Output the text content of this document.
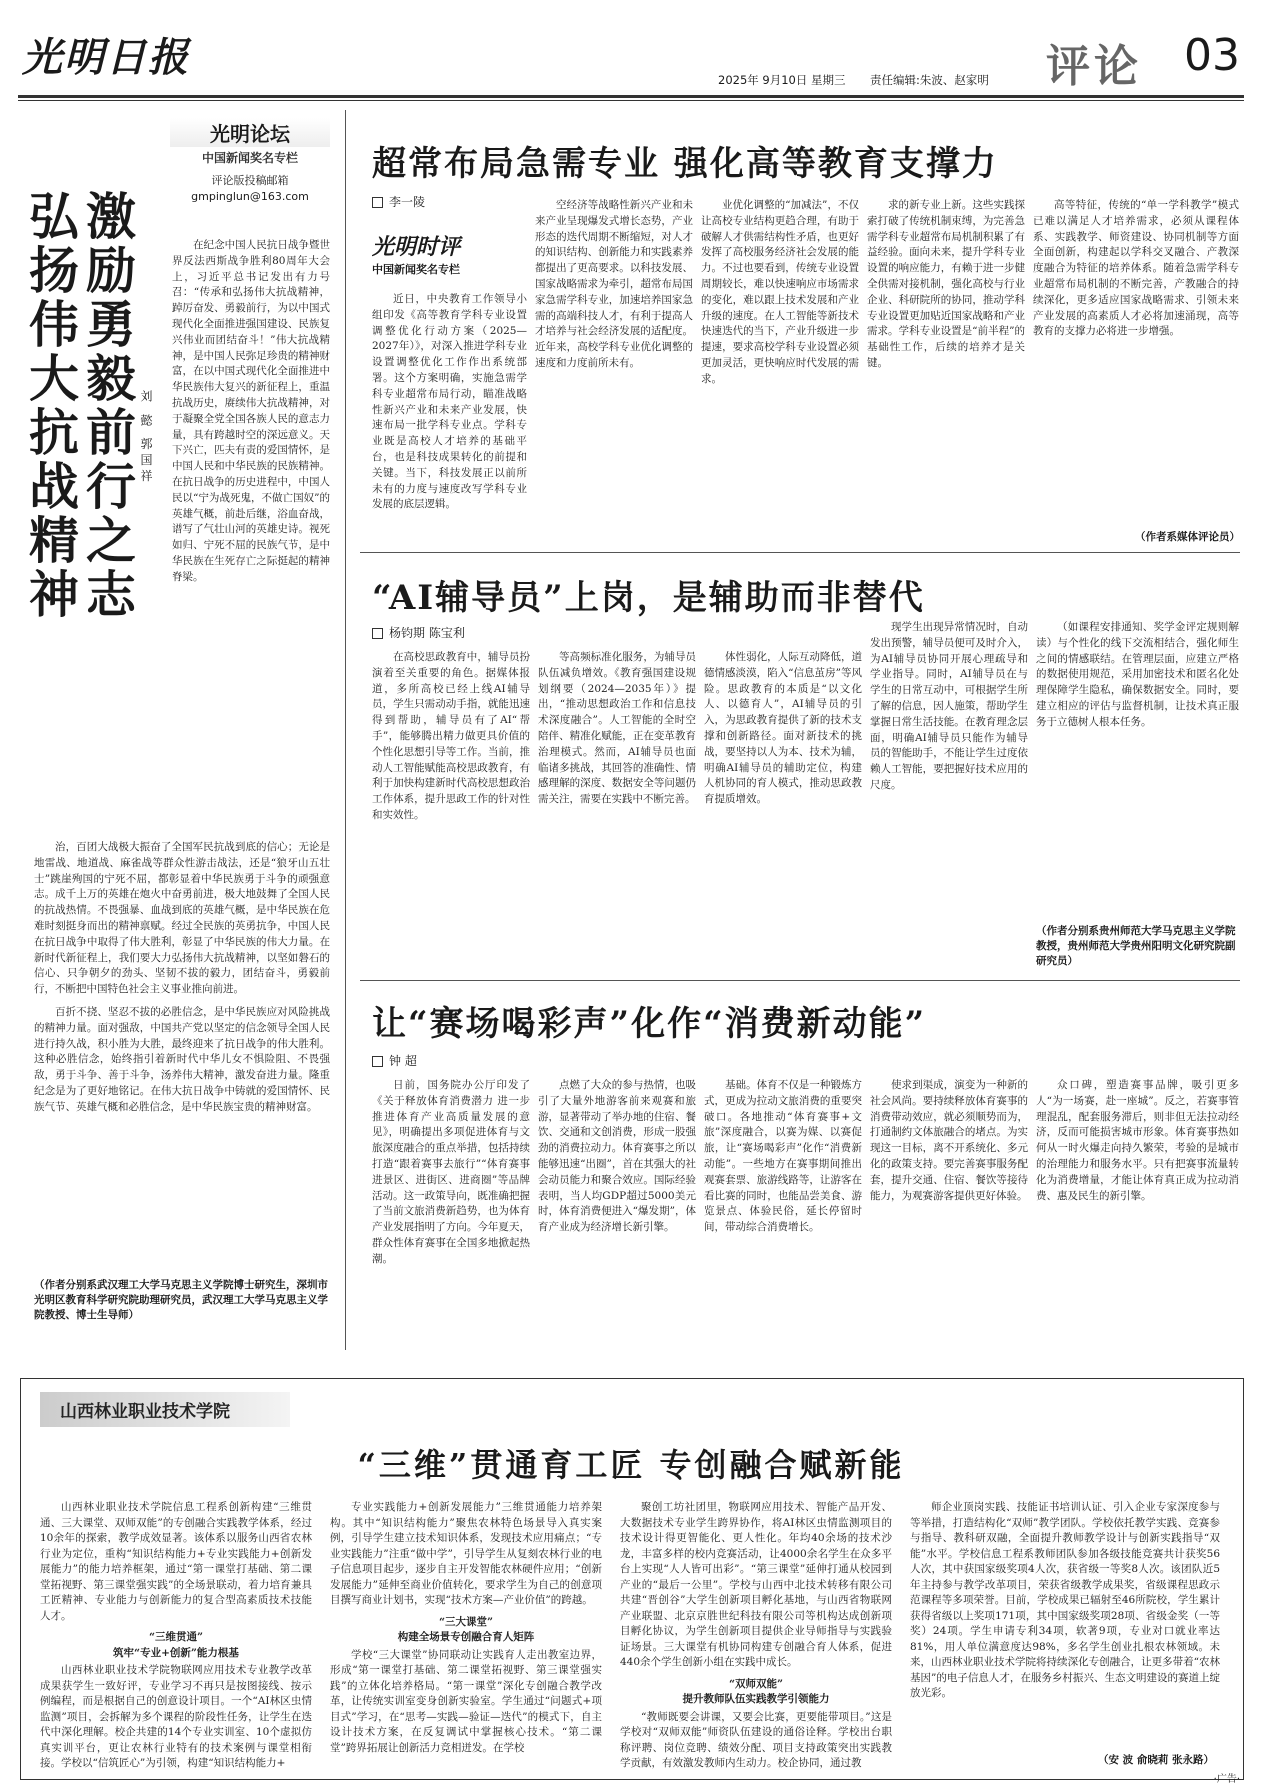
光明日报	2025年 9月10日 星期三 责任编辑:朱波、赵家明 评论 03
光明论坛
中国新闻奖名专栏
评论版投稿邮箱
gmpinglun@163.com
激励勇毅前行之志
弘扬伟大抗战精神	刘 懿 郭国祥

在纪念中国人民抗日战争暨世界反法西斯战争胜利80周年大会上，习近平总书记发出有力号召：“传承和弘扬伟大抗战精神，踔厉奋发、勇毅前行，为以中国式现代化全面推进强国建设、民族复兴伟业而团结奋斗！”伟大抗战精神，是中国人民弥足珍贵的精神财富，在以中国式现代化全面推进中华民族伟大复兴的新征程上，重温抗战历史，赓续伟大抗战精神，对于凝聚全党全国各族人民的意志力量，具有跨越时空的深远意义。天下兴亡，匹夫有责的爱国情怀，是中国人民和中华民族的民族精神。在抗日战争的历史进程中，中国人民以“宁为战死鬼，不做亡国奴”的英雄气概，前赴后继，浴血奋战，谱写了气壮山河的英雄史诗。视死如归、宁死不屈的民族气节，是中华民族在生死存亡之际挺起的精神脊梁。

治，百团大战极大振奋了全国军民抗战到底的信心；无论是地雷战、地道战、麻雀战等群众性游击战法，还是“狼牙山五壮士”跳崖殉国的宁死不屈，都彰显着中华民族勇于斗争的顽强意志。成千上万的英雄在炮火中奋勇前进，极大地鼓舞了全国人民的抗战热情。不畏强暴、血战到底的英雄气概，是中华民族在危难时刻挺身而出的精神禀赋。经过全民族的英勇抗争，中国人民在抗日战争中取得了伟大胜利，彰显了中华民族的伟大力量。在新时代新征程上，我们要大力弘扬伟大抗战精神，以坚如磐石的信心、只争朝夕的劲头、坚韧不拔的毅力，团结奋斗，勇毅前行，不断把中国特色社会主义事业推向前进。

百折不挠、坚忍不拔的必胜信念，是中华民族应对风险挑战的精神力量。面对强敌，中国共产党以坚定的信念领导全国人民进行持久战，积小胜为大胜，最终迎来了抗日战争的伟大胜利。这种必胜信念，始终指引着新时代中华儿女不惧险阻、不畏强敌，勇于斗争、善于斗争，汤养伟大精神，激发奋进力量。隆重纪念是为了更好地铭记。在伟大抗日战争中铸就的爱国情怀、民族气节、英雄气概和必胜信念，是中华民族宝贵的精神财富。

（作者分别系武汉理工大学马克思主义学院博士研究生，深圳市光明区教育科学研究院助理研究员，武汉理工大学马克思主义学院教授、博士生导师）
超常布局急需专业 强化高等教育支撑力
李一陵
光明时评
中国新闻奖名专栏

近日，中央教育工作领导小组印发《高等教育学科专业设置调整优化行动方案（2025—2027年）》，对深入推进学科专业设置调整优化工作作出系统部署。这个方案明确，实施急需学科专业超常布局行动，瞄准战略性新兴产业和未来产业发展，快速布局一批学科专业点。学科专业既是高校人才培养的基础平台，也是科技成果转化的前提和关键。当下，科技发展正以前所未有的力度与速度改写学科专业发展的底层逻辑。

空经济等战略性新兴产业和未来产业呈现爆发式增长态势，产业形态的迭代周期不断缩短，对人才的知识结构、创新能力和实践素养都提出了更高要求。以科技发展、国家战略需求为牵引，超常布局国家急需学科专业，加速培养国家急需的高端科技人才，有利于提高人才培养与社会经济发展的适配度。近年来，高校学科专业优化调整的速度和力度前所未有。

业优化调整的“加减法”，不仅让高校专业结构更趋合理，有助于破解人才供需结构性矛盾，也更好发挥了高校服务经济社会发展的能力。不过也要看到，传统专业设置周期较长，难以快速响应市场需求的变化，难以跟上技术发展和产业升级的速度。在人工智能等新技术快速迭代的当下，产业升级进一步提速，要求高校学科专业设置必须更加灵活，更快响应时代发展的需求。

求的新专业上新。这些实践探索打破了传统机制束缚，为完善急需学科专业超常布局机制积累了有益经验。面向未来，提升学科专业设置的响应能力，有赖于进一步健全供需对接机制，强化高校与行业企业、科研院所的协同，推动学科专业设置更加贴近国家战略和产业需求。学科专业设置是“前半程”的基础性工作，后续的培养才是关键。

高等特征，传统的“单一学科教学”模式已难以满足人才培养需求，必须从课程体系、实践教学、师资建设、协同机制等方面全面创新，构建起以学科交叉融合、产教深度融合为特征的培养体系。随着急需学科专业超常布局机制的不断完善，产教融合的持续深化，更多适应国家战略需求、引领未来产业发展的高素质人才必将加速涌现，高等教育的支撑力必将进一步增强。

（作者系媒体评论员）
“AI辅导员”上岗，是辅助而非替代
杨钧期 陈宝利

在高校思政教育中，辅导员扮演着至关重要的角色。据媒体报道，多所高校已经上线AI辅导员，学生只需动动手指，就能迅速得到帮助，辅导员有了AI“帮手”，能够腾出精力做更具价值的个性化思想引导等工作。当前，推动人工智能赋能高校思政教育，有利于加快构建新时代高校思想政治工作体系，提升思政工作的针对性和实效性。

等高频标准化服务，为辅导员队伍减负增效。《教育强国建设规划纲要（2024—2035年）》提出，“推动思想政治工作和信息技术深度融合”。人工智能的全时空陪伴、精准化赋能，正在变革教育治理模式。然而，AI辅导员也面临诸多挑战，其回答的准确性、情感理解的深度、数据安全等问题仍需关注，需要在实践中不断完善。

体性弱化，人际互动降低，道德情感淡漠，陷入“信息茧房”等风险。思政教育的本质是“以文化人、以德育人”，AI辅导员的引入，为思政教育提供了新的技术支撑和创新路径。面对新技术的挑战，要坚持以人为本、技术为辅，明确AI辅导员的辅助定位，构建人机协同的育人模式，推动思政教育提质增效。

现学生出现异常情况时，自动发出预警，辅导员便可及时介入，为AI辅导员协同开展心理疏导和学业指导。同时，AI辅导员在与学生的日常互动中，可根据学生所了解的信息，因人施策，帮助学生掌握日常生活技能。在教育理念层面，明确AI辅导员只能作为辅导员的智能助手，不能让学生过度依赖人工智能，要把握好技术应用的尺度。

（如课程安排通知、奖学金评定规则解读）与个性化的线下交流相结合，强化师生之间的情感联结。在管理层面，应建立严格的数据使用规范，采用加密技术和匿名化处理保障学生隐私，确保数据安全。同时，要建立相应的评估与监督机制，让技术真正服务于立德树人根本任务。

（作者分别系贵州师范大学马克思主义学院教授，贵州师范大学贵州阳明文化研究院副研究员）
让“赛场喝彩声”化作“消费新动能”
钟 超

日前，国务院办公厅印发了《关于释放体育消费潜力 进一步推进体育产业高质量发展的意见》，明确提出多项促进体育与文旅深度融合的重点举措，包括持续打造“跟着赛事去旅行”“体育赛事进景区、进街区、进商圈”等品牌活动。这一政策导向，既准确把握了当前文旅消费新趋势，也为体育产业发展指明了方向。今年夏天，群众性体育赛事在全国多地掀起热潮。

点燃了大众的参与热情，也吸引了大量外地游客前来观赛和旅游，显著带动了举办地的住宿、餐饮、交通和文创消费，形成一股强劲的消费拉动力。体育赛事之所以能够迅速“出圈”，首在其强大的社会动员能力和聚合效应。国际经验表明，当人均GDP超过5000美元时，体育消费便进入“爆发期”，体育产业成为经济增长新引擎。

基础。体育不仅是一种锻炼方式，更成为拉动文旅消费的重要突破口。各地推动“体育赛事+文旅”深度融合，以赛为媒、以赛促旅，让“赛场喝彩声”化作“消费新动能”。一些地方在赛事期间推出观赛套票、旅游线路等，让游客在看比赛的同时，也能品尝美食、游览景点、体验民俗，延长停留时间，带动综合消费增长。

使求到渠成，演变为一种新的社会风尚。要持续释放体育赛事的消费带动效应，就必须顺势而为，打通制约文体旅融合的堵点。为实现这一目标，离不开系统化、多元化的政策支持。要完善赛事服务配套，提升交通、住宿、餐饮等接待能力，为观赛游客提供更好体验。

众口碑，塑造赛事品牌，吸引更多人“为一场赛，赴一座城”。反之，若赛事管理混乱，配套服务滞后，则非但无法拉动经济，反而可能损害城市形象。体育赛事热如何从一时火爆走向持久繁荣，考验的是城市的治理能力和服务水平。只有把赛事流量转化为消费增量，才能让体育真正成为拉动消费、惠及民生的新引擎。

山西林业职业技术学院
“三维”贯通育工匠 专创融合赋新能

山西林业职业技术学院信息工程系创新构建“三维贯通、三大课堂、双师双能”的专创融合实践教学体系，经过10余年的探索，教学成效显著。该体系以服务山西省农林行业为定位，重构“知识结构能力+专业实践能力+创新发展能力”的能力培养框架，通过“第一课堂打基础、第二课堂拓视野、第三课堂强实践”的全场景联动，着力培育兼具工匠精神、专业能力与创新能力的复合型高素质技术技能人才。

“三维贯通”
筑牢“专业+创新”能力根基

山西林业职业技术学院物联网应用技术专业教学改革成果获学生一致好评，专业学习不再只是按图接线、按示例编程，而是根据自己的创意设计项目。一个“AI林区虫情监测”项目，会拆解为多个课程的阶段性任务，让学生在迭代中深化理解。校企共建的14个专业实训室、10个虚拟仿真实训平台，更让农林行业特有的技术案例与课堂相衔接。学校以“信筑匠心”为引领，构建“知识结构能力+

专业实践能力+创新发展能力”三维贯通能力培养架构。其中“知识结构能力”聚焦农林特色场景导入真实案例，引导学生建立技术知识体系，发现技术应用痛点；“专业实践能力”注重“做中学”，引导学生从复刻农林行业的电子信息项目起步，逐步自主开发智能农林硬件应用；“创新发展能力”延伸至商业价值转化，要求学生为自己的创意项目撰写商业计划书，实现“技术方案—产业价值”的跨越。

“三大课堂”
构建全场景专创融合育人矩阵

学校“三大课堂”协同联动让实践育人走出教室边界，形成“第一课堂打基础、第二课堂拓视野、第三课堂强实践”的立体化培养格局。“第一课堂”深化专创融合教学改革，让传统实训室变身创新实验室。学生通过“问题式+项目式”学习，在“思考—实践—验证—迭代”的模式下，自主设计技术方案，在反复调试中掌握核心技术。“第二课堂”跨界拓展让创新活力竞相迸发。在学校

聚创工坊社团里，物联网应用技术、智能产品开发、大数据技术专业学生跨界协作，将AI林区虫情监测项目的技术设计得更智能化、更人性化。年均40余场的技术沙龙，丰富多样的校内竞赛活动，让4000余名学生在众多平台上实现“人人皆可出彩”。“第三课堂”延伸打通从校园到产业的“最后一公里”。学校与山西中北技术转移有限公司共建“晋创谷”大学生创新项目孵化基地，与山西省物联网产业联盟、北京京胜世纪科技有限公司等机构达成创新项目孵化协议，为学生创新项目提供企业导师指导与实践验证场景。三大课堂有机协同构建专创融合育人体系，促进440余个学生创新小组在实践中成长。

“双师双能”
提升教师队伍实践教学引领能力

“教师既要会讲课，又要会比赛，更要能带项目。”这是学校对“双师双能”师资队伍建设的通俗诠释。学校出台职称评聘、岗位竞聘、绩效分配、项目支持政策突出实践教学贡献，有效激发教师内生动力。校企协同，通过教

师企业顶岗实践、技能证书培训认证、引入企业专家深度参与等举措，打造结构化“双师”教学团队。学校依托教学实践、竞赛参与指导、教科研双融，全面提升教师教学设计与创新实践指导“双能”水平。学校信息工程系教师团队参加各级技能竞赛共计获奖56人次，其中获国家级奖项4人次，获省级一等奖8人次。该团队近5年主持参与教学改革项目，荣获省级教学成果奖，省级课程思政示范课程等多项荣誉。目前，学校成果已辐射至46所院校，学生累计获得省级以上奖项171项，其中国家级奖项28项、省级金奖（一等奖）24项。学生申请专利34项，软著9项，专业对口就业率达81%，用人单位满意度达98%，多名学生创业扎根农林领域。未来，山西林业职业技术学院将持续深化专创融合，让更多带着“农林基因”的电子信息人才，在服务乡村振兴、生态文明建设的赛道上绽放光彩。

（安 波 俞晓莉 张永路）
·广告·
